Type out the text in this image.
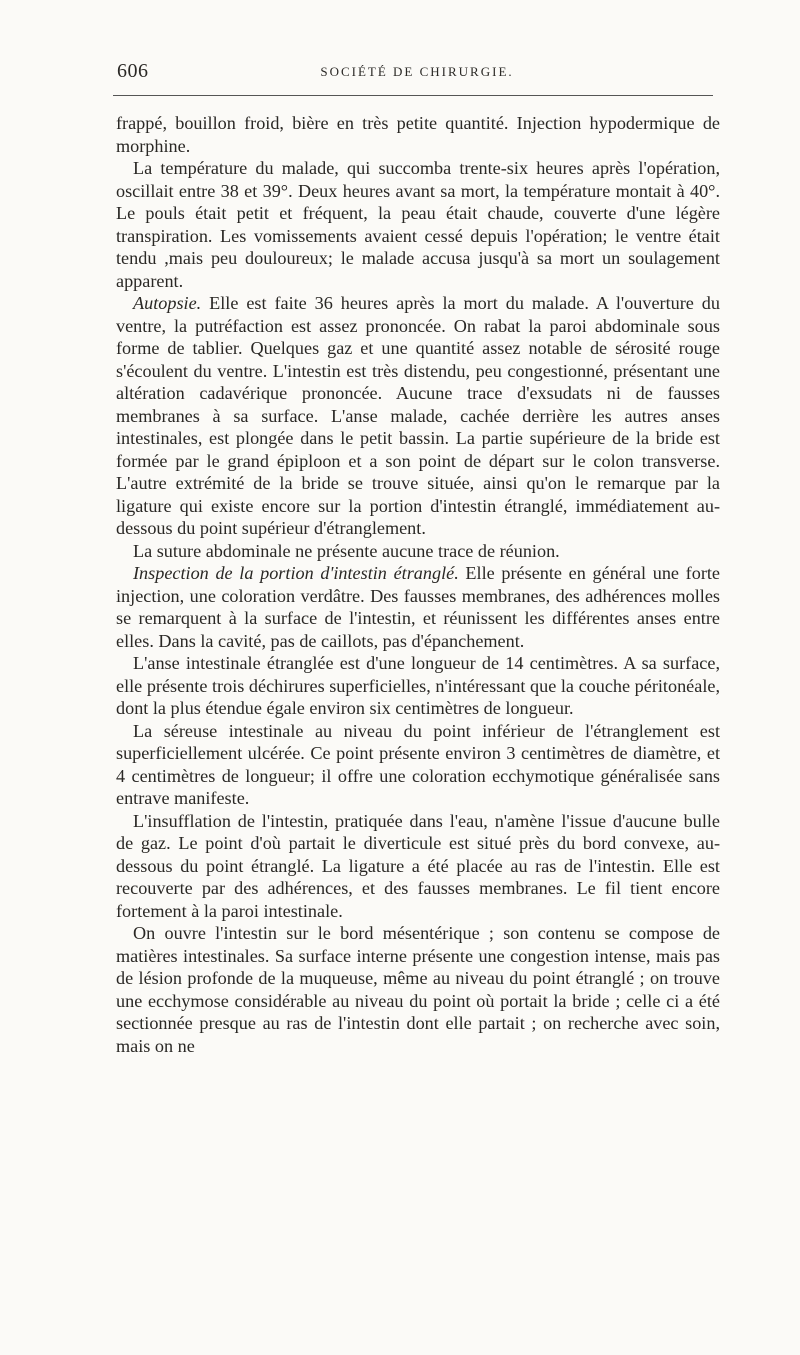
606	SOCIÉTÉ DE CHIRURGIE.

frappé, bouillon froid, bière en très petite quantité. Injection hypodermique de morphine.

La température du malade, qui succomba trente-six heures après l'opération, oscillait entre 38 et 39°. Deux heures avant sa mort, la température montait à 40°. Le pouls était petit et fréquent, la peau était chaude, couverte d'une légère transpiration. Les vomissements avaient cessé depuis l'opération; le ventre était tendu ,mais peu douloureux; le malade accusa jusqu'à sa mort un soulagement apparent.

Autopsie. Elle est faite 36 heures après la mort du malade. A l'ouverture du ventre, la putréfaction est assez prononcée. On rabat la paroi abdominale sous forme de tablier. Quelques gaz et une quantité assez notable de sérosité rouge s'écoulent du ventre. L'intestin est très distendu, peu congestionné, présentant une altération cadavérique prononcée. Aucune trace d'exsudats ni de fausses membranes à sa surface. L'anse malade, cachée derrière les autres anses intestinales, est plongée dans le petit bassin. La partie supérieure de la bride est formée par le grand épiploon et a son point de départ sur le colon transverse. L'autre extrémité de la bride se trouve située, ainsi qu'on le remarque par la ligature qui existe encore sur la portion d'intestin étranglé, immédiatement au-dessous du point supérieur d'étranglement.

La suture abdominale ne présente aucune trace de réunion.

Inspection de la portion d'intestin étranglé. Elle présente en général une forte injection, une coloration verdâtre. Des fausses membranes, des adhérences molles se remarquent à la surface de l'intestin, et réunissent les différentes anses entre elles. Dans la cavité, pas de caillots, pas d'épanchement.

L'anse intestinale étranglée est d'une longueur de 14 centimètres. A sa surface, elle présente trois déchirures superficielles, n'intéressant que la couche péritonéale, dont la plus étendue égale environ six centimètres de longueur.

La séreuse intestinale au niveau du point inférieur de l'étranglement est superficiellement ulcérée. Ce point présente environ 3 centimètres de diamètre, et 4 centimètres de longueur; il offre une coloration ecchymotique généralisée sans entrave manifeste.

L'insufflation de l'intestin, pratiquée dans l'eau, n'amène l'issue d'aucune bulle de gaz. Le point d'où partait le diverticule est situé près du bord convexe, au-dessous du point étranglé. La ligature a été placée au ras de l'intestin. Elle est recouverte par des adhérences, et des fausses membranes. Le fil tient encore fortement à la paroi intestinale.

On ouvre l'intestin sur le bord mésentérique ; son contenu se compose de matières intestinales. Sa surface interne présente une congestion intense, mais pas de lésion profonde de la muqueuse, même au niveau du point étranglé ; on trouve une ecchymose considérable au niveau du point où portait la bride ; celle ci a été sectionnée presque au ras de l'intestin dont elle partait ; on recherche avec soin, mais on ne
